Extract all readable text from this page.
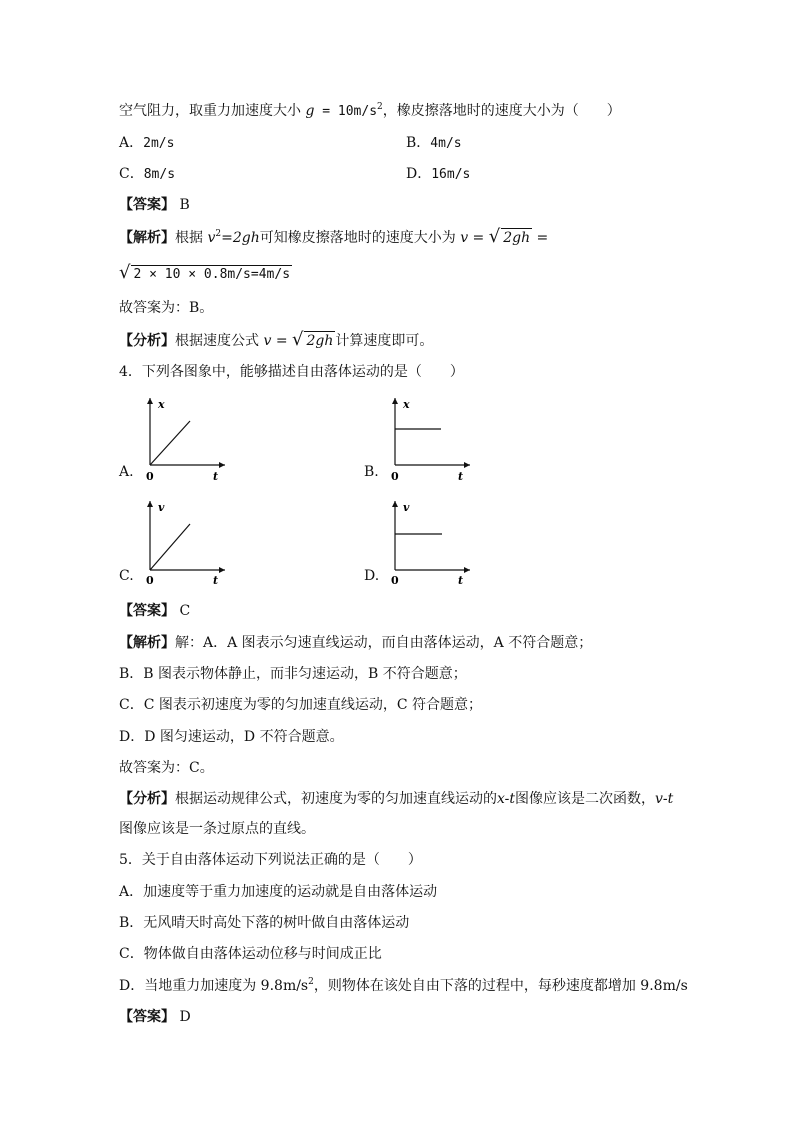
空气阻力，取重力加速度大小 $g = 10m/s^2$，橡皮擦落地时的速度大小为（　　）
A．2m/s	B．4m/s
C．8m/s	D．16m/s
【答案】 B
【解析】根据 $v^2=2gh$可知橡皮擦落地时的速度大小为 v = √ 2gh =
√ 2 × 10 × 0.8m/s=4m/s
故答案为：B。
【分析】根据速度公式 v = √ 2gh 计算速度即可。
4．下列各图象中，能够描述自由落体运动的是（　　）
A.
x
t
0	B.
x
t
0
C.
v
t
0	D.
v
t
0
【答案】 C
【解析】解：A．A 图表示匀速直线运动，而自由落体运动，A 不符合题意；
B．B 图表示物体静止，而非匀速运动，B 不符合题意；
C．C 图表示初速度为零的匀加速直线运动，C 符合题意；
D．D 图匀速运动，D 不符合题意。
故答案为：C。
【分析】根据运动规律公式，初速度为零的匀加速直线运动的x-t图像应该是二次函数，v-t
图像应该是一条过原点的直线。
5．关于自由落体运动下列说法正确的是（　　）
A．加速度等于重力加速度的运动就是自由落体运动
B．无风晴天时高处下落的树叶做自由落体运动
C．物体做自由落体运动位移与时间成正比
D．当地重力加速度为 $9.8m/s^2$，则物体在该处自由下落的过程中，每秒速度都增加 9.8m/s
【答案】 D
